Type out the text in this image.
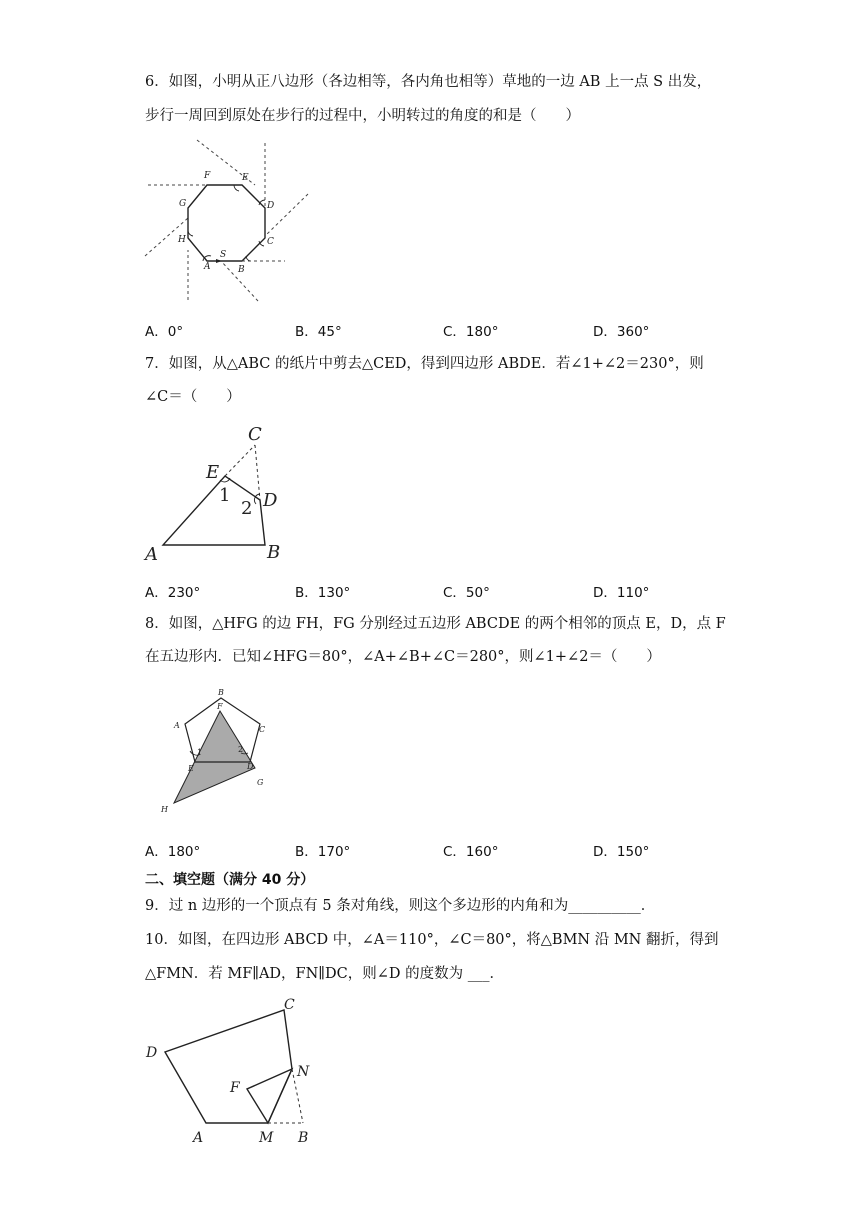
6．如图，小明从正八边形（各边相等，各内角也相等）草地的一边 AB 上一点 S 出发，
步行一周回到原处在步行的过程中，小明转过的角度的和是（　　）
F	E
D
C
B
A
H
G
S
A．0°	B．45°	C．180°	D．360°
7．如图，从△ABC 的纸片中剪去△CED，得到四边形 ABDE．若∠1+∠2＝230°，则
∠C＝（　　）
C
E
D
A	B
1
2
A．230°	B．130°	C．50°	D．110°
8．如图，△HFG 的边 FH，FG 分别经过五边形 ABCDE 的两个相邻的顶点 E，D，点 F
在五边形内．已知∠HFG＝80°，∠A+∠B+∠C＝280°，则∠1+∠2＝（　　）
B
A	C
F
1	2
E	D
H
G
A．180°	B．170°	C．160°	D．150°
二、填空题（满分 40 分）
9．过 n 边形的一个顶点有 5 条对角线，则这个多边形的内角和为__________．
10．如图，在四边形 ABCD 中，∠A＝110°，∠C＝80°，将△BMN 沿 MN 翻折，得到
△FMN．若 MF∥AD，FN∥DC，则∠D 的度数为 ___．
C
D
N
F
A	M B
